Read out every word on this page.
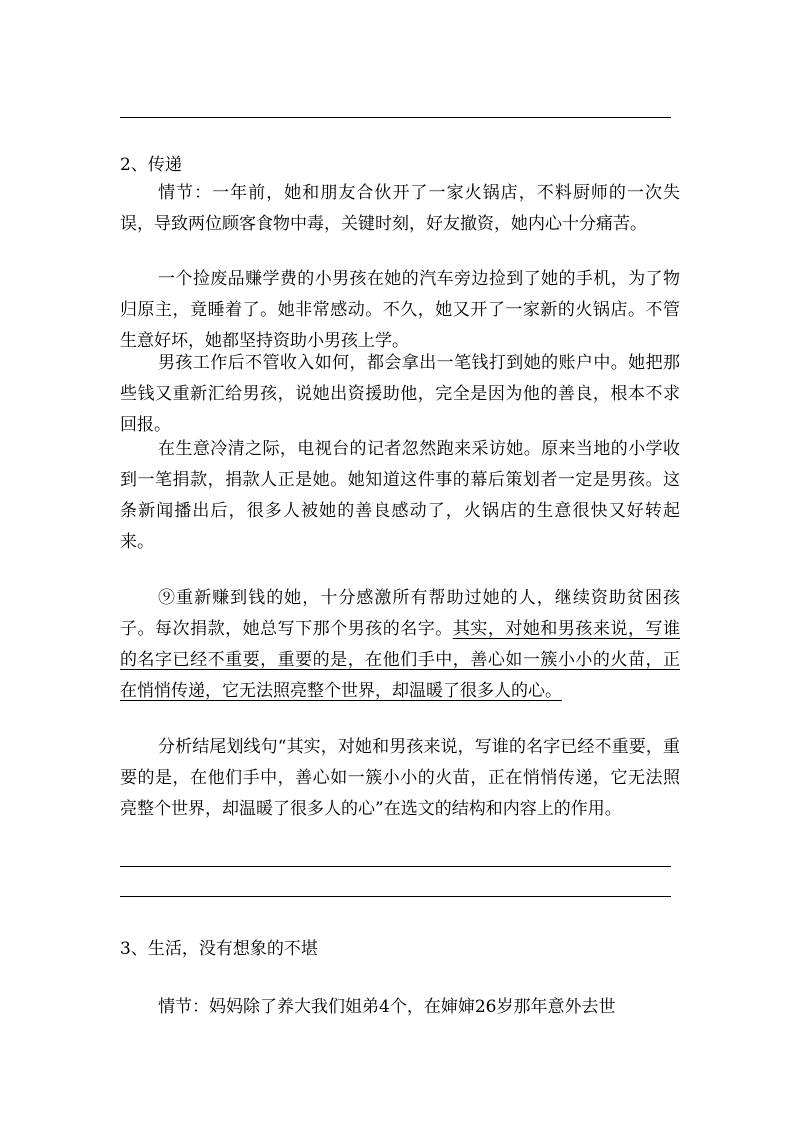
2、传递
情节：一年前，她和朋友合伙开了一家火锅店，不料厨师的一次失误，导致两位顾客食物中毒，关键时刻，好友撤资，她内心十分痛苦。
一个捡废品赚学费的小男孩在她的汽车旁边捡到了她的手机，为了物归原主，竟睡着了。她非常感动。不久，她又开了一家新的火锅店。不管生意好坏，她都坚持资助小男孩上学。
男孩工作后不管收入如何，都会拿出一笔钱打到她的账户中。她把那些钱又重新汇给男孩，说她出资援助他，完全是因为他的善良，根本不求回报。
在生意冷清之际，电视台的记者忽然跑来采访她。原来当地的小学收到一笔捐款，捐款人正是她。她知道这件事的幕后策划者一定是男孩。这条新闻播出后，很多人被她的善良感动了，火锅店的生意很快又好转起来。
⑨重新赚到钱的她，十分感激所有帮助过她的人，继续资助贫困孩子。每次捐款，她总写下那个男孩的名字。其实，对她和男孩来说，写谁的名字已经不重要，重要的是，在他们手中，善心如一簇小小的火苗，正在悄悄传递，它无法照亮整个世界，却温暖了很多人的心。
分析结尾划线句“其实，对她和男孩来说，写谁的名字已经不重要，重要的是，在他们手中，善心如一簇小小的火苗，正在悄悄传递，它无法照亮整个世界，却温暖了很多人的心”在选文的结构和内容上的作用。
3、生活，没有想象的不堪
情节：妈妈除了养大我们姐弟4个，在婶婶26岁那年意外去世
